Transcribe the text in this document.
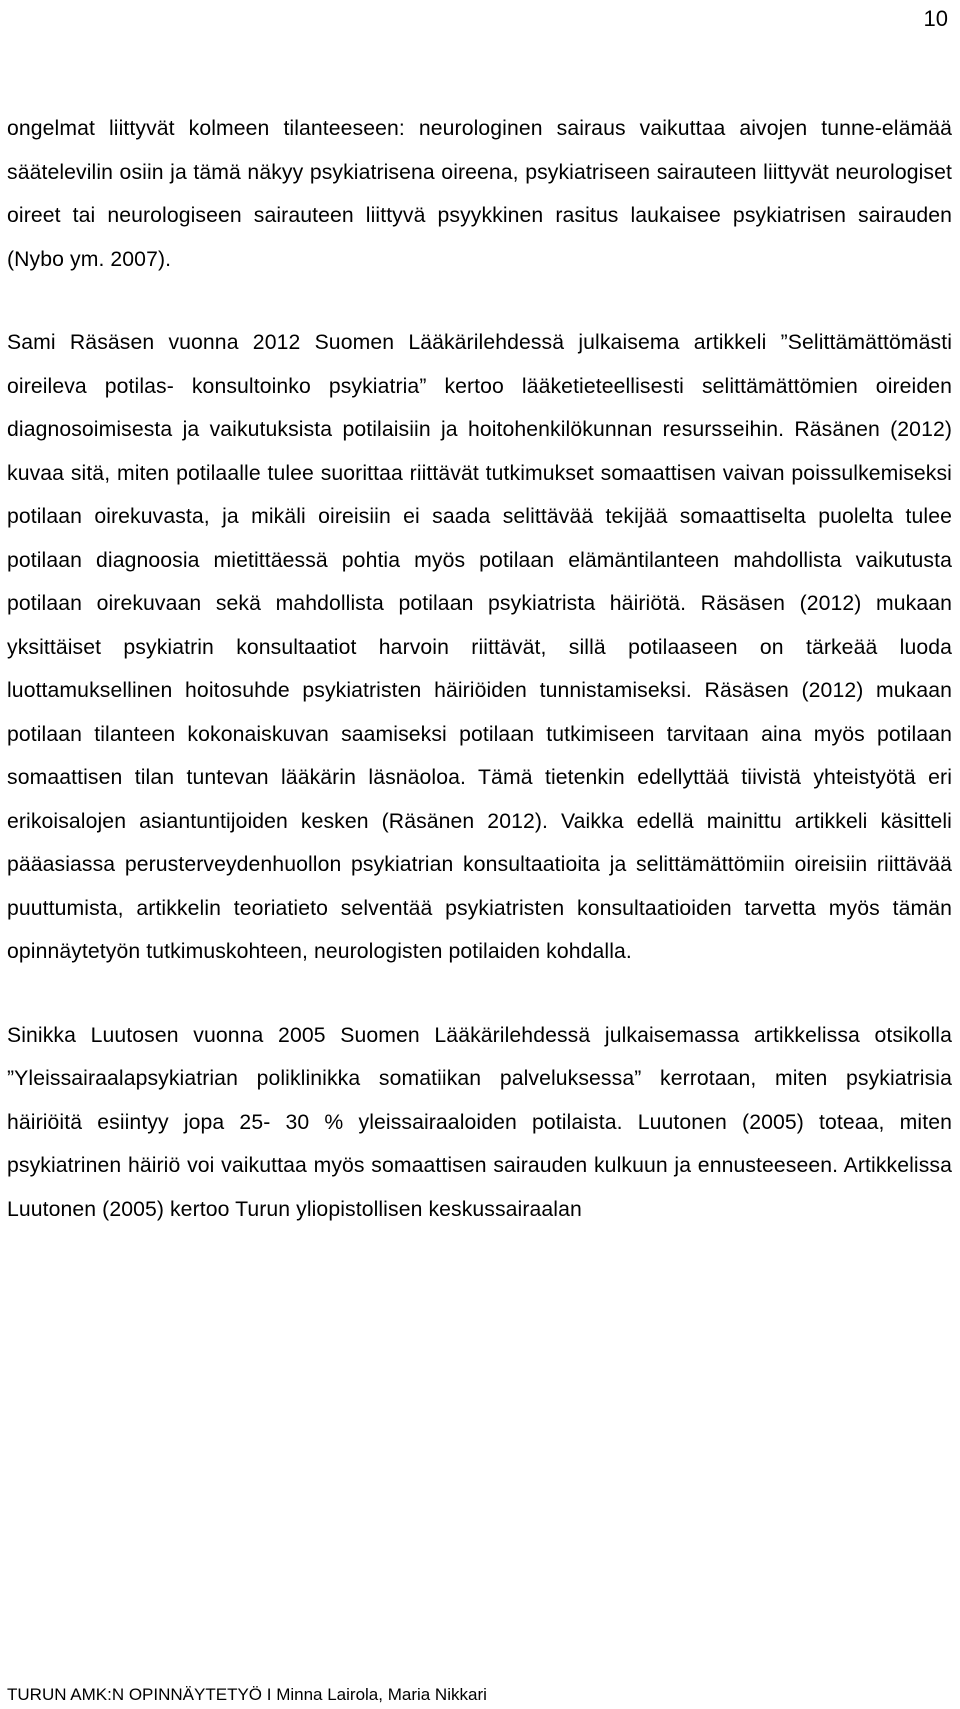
10

ongelmat liittyvät kolmeen tilanteeseen: neurologinen sairaus vaikuttaa aivojen tunne-elämää säätelevilin osiin ja tämä näkyy psykiatrisena oireena, psykiatriseen sairauteen liittyvät neurologiset oireet tai neurologiseen sairauteen liittyvä psyykkinen rasitus laukaisee psykiatrisen sairauden (Nybo ym. 2007).

Sami Räsäsen vuonna 2012 Suomen Lääkärilehdessä julkaisema artikkeli ”Selittämättömästi oireileva potilas- konsultoinko psykiatria” kertoo lääketieteellisesti selittämättömien oireiden diagnosoimisesta ja vaikutuksista potilaisiin ja hoitohenkilökunnan resursseihin. Räsänen (2012) kuvaa sitä, miten potilaalle tulee suorittaa riittävät tutkimukset somaattisen vaivan poissulkemiseksi potilaan oirekuvasta, ja mikäli oireisiin ei saada selittävää tekijää somaattiselta puolelta tulee potilaan diagnoosia mietittäessä pohtia myös potilaan elämäntilanteen mahdollista vaikutusta potilaan oirekuvaan sekä mahdollista potilaan psykiatrista häiriötä. Räsäsen (2012) mukaan yksittäiset psykiatrin konsultaatiot harvoin riittävät, sillä potilaaseen on tärkeää luoda luottamuksellinen hoitosuhde psykiatristen häiriöiden tunnistamiseksi. Räsäsen (2012) mukaan potilaan tilanteen kokonaiskuvan saamiseksi potilaan tutkimiseen tarvitaan aina myös potilaan somaattisen tilan tuntevan lääkärin läsnäoloa. Tämä tietenkin edellyttää tiivistä yhteistyötä eri erikoisalojen asiantuntijoiden kesken (Räsänen 2012). Vaikka edellä mainittu artikkeli käsitteli pääasiassa perusterveydenhuollon psykiatrian konsultaatioita ja selittämättömiin oireisiin riittävää puuttumista, artikkelin teoriatieto selventää psykiatristen konsultaatioiden tarvetta myös tämän opinnäytetyön tutkimuskohteen, neurologisten potilaiden kohdalla.

Sinikka Luutosen vuonna 2005 Suomen Lääkärilehdessä julkaisemassa artikkelissa otsikolla ”Yleissairaalapsykiatrian poliklinikka somatiikan palveluksessa” kerrotaan, miten psykiatrisia häiriöitä esiintyy jopa 25- 30 % yleissairaaloiden potilaista. Luutonen (2005) toteaa, miten psykiatrinen häiriö voi vaikuttaa myös somaattisen sairauden kulkuun ja ennusteeseen. Artikkelissa Luutonen (2005) kertoo Turun yliopistollisen keskussairaalan

TURUN AMK:N OPINNÄYTETYÖ I Minna Lairola, Maria Nikkari
